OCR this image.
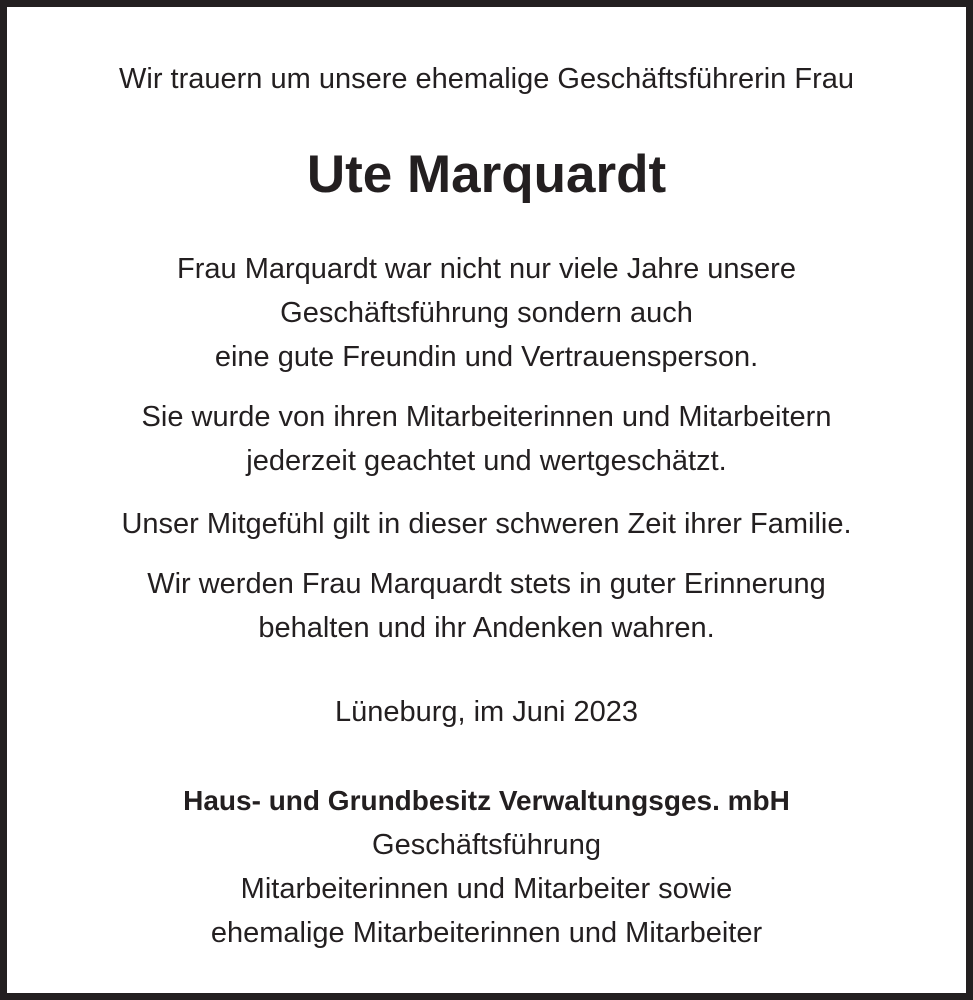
Wir trauern um unsere ehemalige Geschäftsführerin Frau

Ute Marquardt

Frau Marquardt war nicht nur viele Jahre unsere

Geschäftsführung sondern auch

eine gute Freundin und Vertrauensperson.

Sie wurde von ihren Mitarbeiterinnen und Mitarbeitern

jederzeit geachtet und wertgeschätzt.

Unser Mitgefühl gilt in dieser schweren Zeit ihrer Familie.

Wir werden Frau Marquardt stets in guter Erinnerung

behalten und ihr Andenken wahren.

Lüneburg, im Juni 2023

Haus- und Grundbesitz Verwaltungsges. mbH

Geschäftsführung

Mitarbeiterinnen und Mitarbeiter sowie

ehemalige Mitarbeiterinnen und Mitarbeiter
